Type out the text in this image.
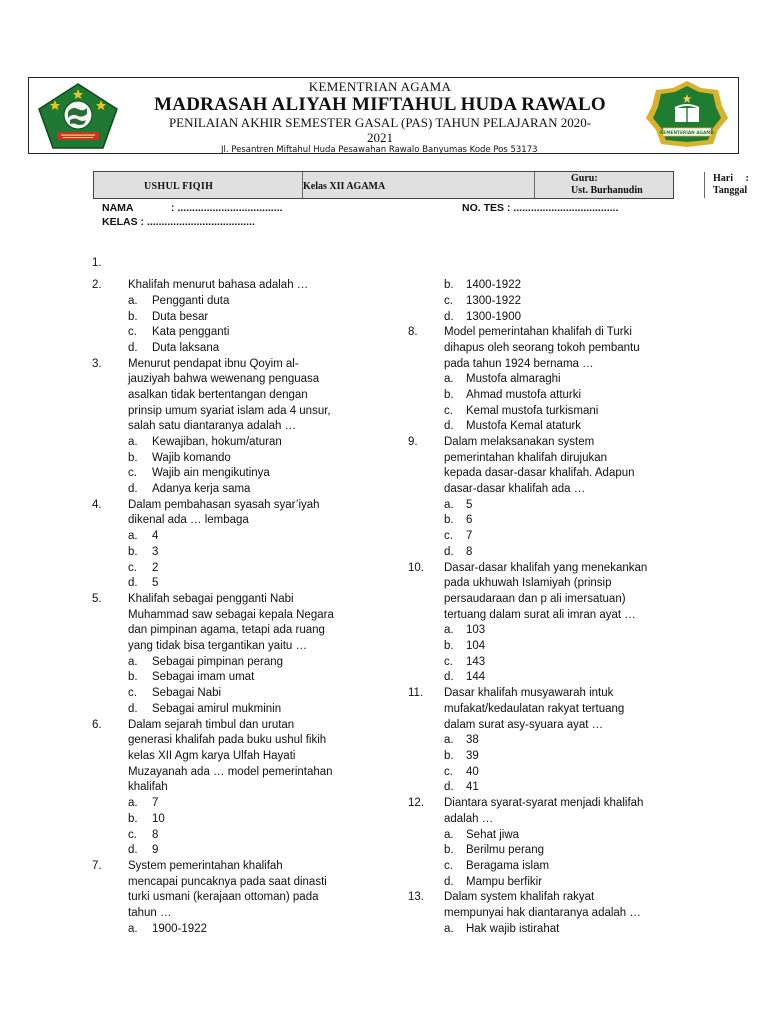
KEMENTRIAN AGAMA
MADRASAH ALIYAH MIFTAHUL HUDA RAWALO
PENILAIAN AKHIR SEMESTER GASAL (PAS) TAHUN PELAJARAN 2020-
2021
Jl. Pesantren Miftahul Huda Pesawahan Rawalo Banyumas Kode Pos 53173
KEMENTERIAN AGAMA
USHUL FIQIH	Kelas XII AGAMA
Guru:
Ust. Burhanudin
Hari     :
Tanggal
NAMA             : ....................................	NO. TES : ....................................
KELAS : .....................................
1.
2. Khalifah menurut bahasa adalah …
a. Pengganti duta
b. Duta besar
c. Kata pengganti
d. Duta laksana
3. Menurut pendapat ibnu Qoyim al-
jauziyah bahwa wewenang penguasa
asalkan tidak bertentangan dengan
prinsip umum syariat islam ada 4 unsur,
salah satu diantaranya adalah …
a. Kewajiban, hokum/aturan
b. Wajib komando
c. Wajib ain mengikutinya
d. Adanya kerja sama
4. Dalam pembahasan syasah syar’iyah
dikenal ada … lembaga
a. 4
b. 3
c. 2
d. 5
5. Khalifah sebagai pengganti Nabi
Muhammad saw sebagai kepala Negara
dan pimpinan agama, tetapi ada ruang
yang tidak bisa tergantikan yaitu …
a. Sebagai pimpinan perang
b. Sebagai imam umat
c. Sebagai Nabi
d. Sebagai amirul mukminin
6. Dalam sejarah timbul dan urutan
generasi khalifah pada buku ushul fikih
kelas XII Agm karya Ulfah Hayati
Muzayanah ada … model pemerintahan
khalifah
a. 7
b. 10
c. 8
d. 9
7. System pemerintahan khalifah
mencapai puncaknya pada saat dinasti
turki usmani (kerajaan ottoman) pada
tahun …
a. 1900-1922
b. 1400-1922
c. 1300-1922
d. 1300-1900
8. Model pemerintahan khalifah di Turki
dihapus oleh seorang tokoh pembantu
pada tahun 1924 bernama …
a. Mustofa almaraghi
b. Ahmad mustofa atturki
c. Kemal mustofa turkismani
d. Mustofa Kemal ataturk
9. Dalam melaksanakan system
pemerintahan khalifah dirujukan
kepada dasar-dasar khalifah. Adapun
dasar-dasar khalifah ada …
a. 5
b. 6
c. 7
d. 8
10. Dasar-dasar khalifah yang menekankan
pada ukhuwah Islamiyah (prinsip
persaudaraan dan p ali imersatuan)
tertuang dalam surat ali imran ayat …
a. 103
b. 104
c. 143
d. 144
11. Dasar khalifah musyawarah intuk
mufakat/kedaulatan rakyat tertuang
dalam surat asy-syuara ayat …
a. 38
b. 39
c. 40
d. 41
12. Diantara syarat-syarat menjadi khalifah
adalah …
a. Sehat jiwa
b. Berilmu perang
c. Beragama islam
d. Mampu berfikir
13. Dalam system khalifah rakyat
mempunyai hak diantaranya adalah …
a. Hak wajib istirahat
